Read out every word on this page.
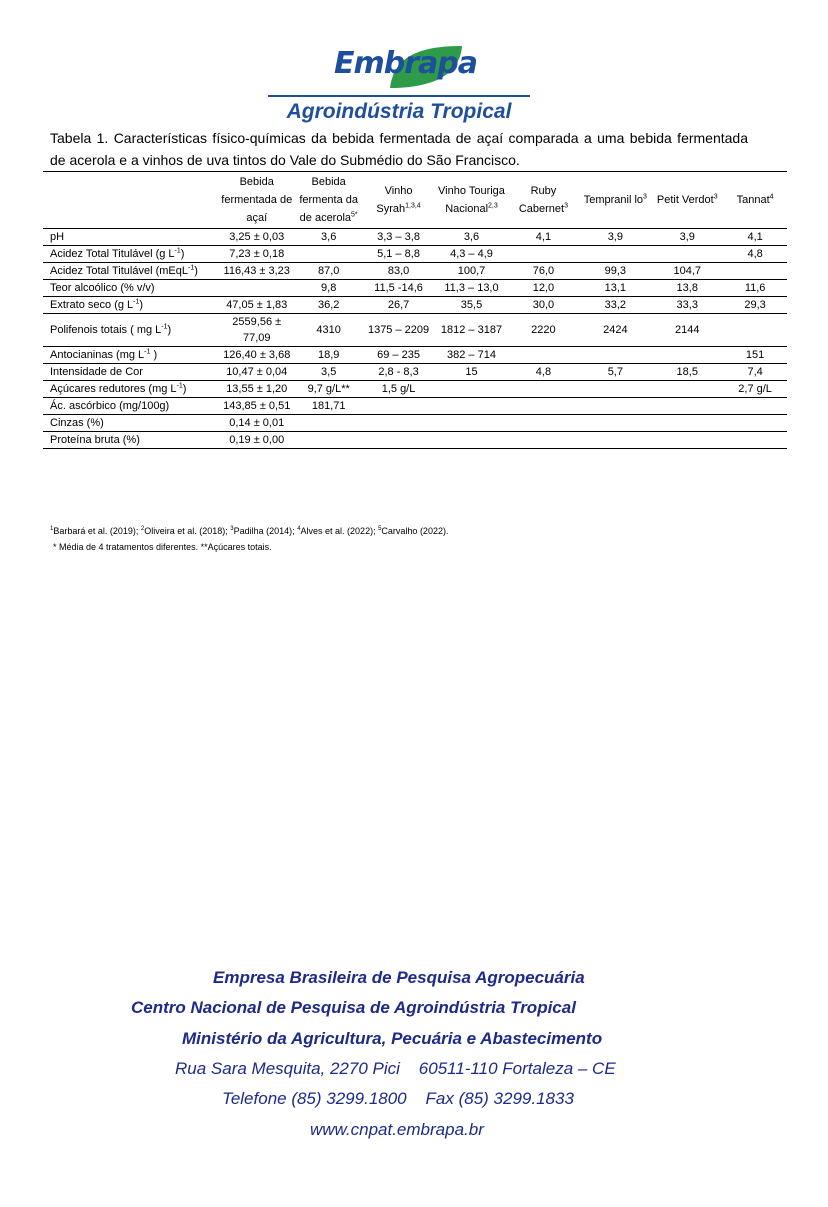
Embrapa
Agroindústria Tropical
Tabela 1. Características físico-químicas da bebida fermentada de açaí comparada a uma bebida fermentada de acerola e a vinhos de uva tintos do Vale do Submédio do São Francisco.
	Bebida fermentada de açaí	Bebida fermenta da de acerola$^{5*}$	Vinho Syrah$^{1,3,4}$	Vinho Touriga Nacional$^{2,3}$	Ruby Cabernet$^3$	Tempranil $lo^3$	Petit Verdot$^3$	Tannat$^4$
pH	3,25 ± 0,03	3,6	3,3 – 3,8	3,6	4,1	3,9	3,9	4,1
Acidez Total Titulável (g $L^{-1}$)	7,23 ± 0,18		5,1 – 8,8	4,3 – 4,9				4,8
Acidez Total Titulável (mEqL$^{-1}$)	116,43 ± 3,23	87,0	83,0	100,7	76,0	99,3	104,7	
Teor alcoólico (% v/v)		9,8	11,5 -14,6	11,3 – 13,0	12,0	13,1	13,8	11,6
Extrato seco (g $L^{-1}$)	47,05 ± 1,83	36,2	26,7	35,5	30,0	33,2	33,3	29,3
Polifenois totais ( mg $L^{-1}$)	2559,56 ± 77,09	4310	1375 – 2209	1812 – 3187	2220	2424	2144	
Antocianinas (mg $L^{-1}$ )	126,40 ± 3,68	18,9	69 – 235	382 – 714				151
Intensidade de Cor	10,47 ± 0,04	3,5	2,8 - 8,3	15	4,8	5,7	18,5	7,4
Açúcares redutores (mg $L^{-1}$)	13,55 ± 1,20	9,7 g/L**	1,5 g/L					2,7 g/L
Ác. ascórbico (mg/100g)	143,85 ± 0,51	181,71						
Cinzas (%)	0,14 ± 0,01							
Proteína bruta (%)	0,19 ± 0,00							
$^1$Barbará et al. (2019); $^2$Oliveira et al. (2018); $^3$Padilha (2014); $^4$Alves et al. (2022); $^5$Carvalho (2022).
* Média de 4 tratamentos diferentes. **Açúcares totais.
Empresa Brasileira de Pesquisa Agropecuária
Centro Nacional de Pesquisa de Agroindústria Tropical
Ministério da Agricultura, Pecuária e Abastecimento
Rua Sara Mesquita, 2270 Pici    60511-110 Fortaleza – CE
Telefone (85) 3299.1800    Fax (85) 3299.1833
www.cnpat.embrapa.br
